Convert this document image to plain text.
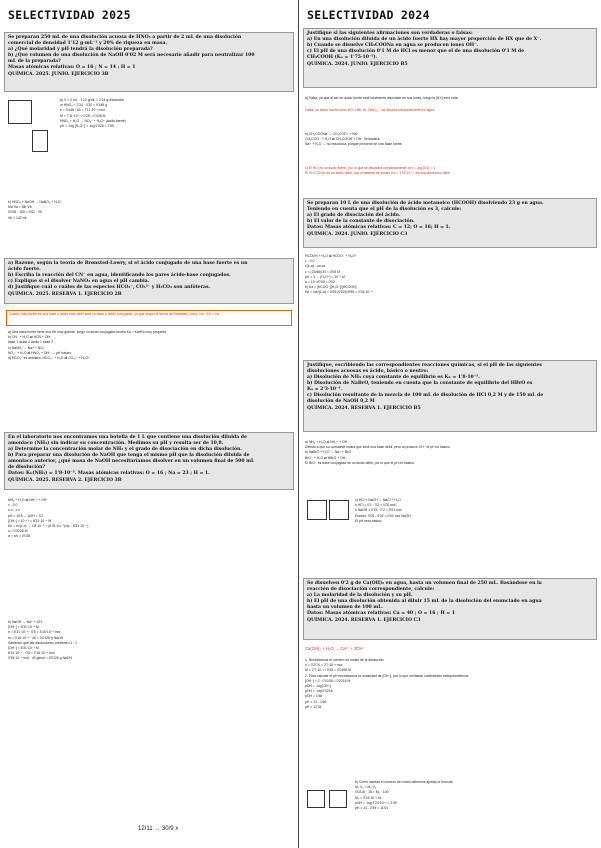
SELECTIVIDAD 2025
Se preparan 250 mL de una disolución acuosa de HNO₃ a partir de 2 mL de una disolución
comercial de densidad 1'12 g·mL⁻¹ y 20% de riqueza en masa.
a) ¿Qué molaridad y pH tendrá la disolución preparada?
b) ¿Qué volumen de una disolución de NaOH 0'02 M será necesario añadir para neutralizar 100
mL de la preparada?
Masas atómicas relativas: O = 16 ; N = 14 ; H = 1
QUÍMICA. 2025. JUNIO. EJERCICIO 3B
a) V = 2 mL · 1'12 g/mL = 2'24 g disolución
m HNO₃ = 2'24 · 0'20 = 0'448 g
n = 0'448 / 63 = 7'11·10⁻³ mol
M = 7'11·10⁻³ / 0'25 = 0'028 M
HNO₃ + H₂O → NO₃⁻ + H₃O⁺ (ácido fuerte)
pH = -log [H₃O⁺] = -log 0'028 = 1'55
b) HNO₃ + NaOH → NaNO₃ + H₂O
Ma·Va = Mb·Vb
0'028 · 100 = 0'02 · Vb
Vb = 142 mL
a) Razone, según la teoría de Brønsted-Lowry, si el ácido conjugado de una base fuerte es un
ácido fuerte.
b) Escriba la reacción del CN⁻ en agua, identificando los pares ácido-base conjugados.
c) Explique si el disolver NaNO₂ en agua el pH cambia.
d) Justifique cuál o cuáles de las especies HCO₃⁻, CO₃²⁻ y H₂CO₃ son anfóteras.
QUÍMICA. 2025. RESERVA 1. EJERCICIO 2B
Cuanto más fuerte es una base o ácido más débil será su base o ácido conjugado, ya que según la teoría de Brønsted-Lowry: Ka · Kb = Kw
a) Una base fuerte tiene una Kb muy grande, luego su ácido conjugado tendrá Ka = Kw/Kb muy pequeña.
b) CN⁻ + H₂O ⇌ HCN + OH⁻
base 1 ácido 2 ácido 1 base 2
c) NaNO₂ → Na⁺ + NO₂⁻
NO₂⁻ + H₂O ⇌ HNO₂ + OH⁻ → pH básico
d) HCO₃⁻ es anfótera: HCO₃⁻ + H₂O ⇌ CO₃²⁻ + H₃O⁺
En el laboratorio nos encontramos una botella de 1 L que contiene una disolución diluida de
amoniaco (NH₃) sin indicar su concentración. Medimos su pH y resulta ser de 10,8.
a) Determine la concentración molar de NH₃ y el grado de disociación en dicha disolución.
b) Para preparar una disolución de NaOH que tenga el mismo pH que la disolución diluida de
amoniaco anterior, ¿qué masa de NaOH necesitaríamos disolver en un volumen final de 500 mL
de disolución?
Datos: Kₖ(NH₃) = 1'8·10⁻⁵. Masas atómicas relativas: O = 16 ; Na = 23 ; H = 1.
QUÍMICA. 2025. RESERVA 2. EJERCICIO 3B
NH₃ + H₂O ⇌ NH₄⁺ + OH⁻
c - 0 0
c-x - x x
pH = 10'8 → pOH = 3'2
[OH⁻] = 10⁻³'² = 6'31·10⁻⁴ M
Kb = x²/(c-x) → 1'8·10⁻⁵ = (6'31·10⁻⁴)²/(c - 6'31·10⁻⁴)
c = 0'0228 M
α = x/c = 0'028
b) NaOH → Na⁺ + OH⁻
[OH⁻] = 6'31·10⁻⁴ M
n = 6'31·10⁻⁴ · 0'5 = 3'16·10⁻⁴ mol
m = 3'16·10⁻⁴ · 40 = 0'0126 g NaOH
Sabiendo que las disoluciones contienen 1 : 1
[OH⁻] = 6'31·10⁻⁴ M
6'31·10⁻⁴ · 0'5 = 3'16·10⁻⁴ mol
3'16·10⁻⁴ mol · 40 g/mol = 0'0126 g NaOH
12/11 → 30/9 x
SELECTIVIDAD 2024
Justifique si las siguientes afirmaciones son verdaderas o falsas:
a) En una disolución diluida de un ácido fuerte HX hay mayor proporción de HX que de X⁻.
b) Cuando se disuelve CH₃COONa en agua se producen iones OH⁻.
c) El pH de una disolución 0'1 M de HCl es menor que el de una disolución 0'1 M de
CH₃COOH (Kₐ = 1'75·10⁻⁵).
QUÍMICA. 2024. JUNIO. EJERCICIO B5
a) Falsa, ya que al ser un ácido fuerte está totalmente disociado en sus iones, luego la [HX] será nula.
Falsa, un ácido fuerte como HCl, HBr, HI, HNO₃ ... se disocia completamente en agua.
b) CH₃COONa → CH₃COO⁻ + Na⁺
CH₃COO⁻ + H₂O ⇌ CH₃COOH + OH⁻ Verdadera
Na⁺ + H₂O → no reacciona, porque proviene de una base fuerte.
c) El HCl es un ácido fuerte, por lo que se disociará completamente: pH = -log [0'1] = 1
El CH₃COOH es un ácido débil, con constante de acidez Ka = 1'75·10⁻⁵, es una disolución débil
Se preparan 10 L de una disolución de ácido metanoico (HCOOH) disolviendo 23 g en agua.
Teniendo en cuenta que el pH de la disolución es 3, calcule:
a) El grado de disociación del ácido.
b) El valor de la constante de disociación.
Datos: Masas atómicas relativas: C = 12; O = 16; H = 1.
QUIMICA. 2024. JUNIO. EJERCICIO C3
HCOOH + H₂O ⇌ HCOO⁻ + H₃O⁺
c - 0 0
c(1-α) - cα cα
c = (23/46)/10 = 0'05 M
pH = 3 → [H₃O⁺] = 10⁻³ M
α = 10⁻³/0'05 = 0'02
b) Ka = [HCOO⁻][H₃O⁺]/[HCOOH]
Ka = cα²/(1-α) = 0'05·(0'02)²/0'98 = 2'04·10⁻⁵
Justifique, escribiendo las correspondientes reacciones químicas, si el pH de las siguientes
disoluciones acuosas es ácido, básico o neutro:
a) Disolución de NH₃ cuya constante de equilibrio es Kₖ = 1'8·10⁻⁵.
b) Disolución de NaBrO, teniendo en cuenta que la constante de equilibrio del HBrO es
Kₐ = 2'3·10⁻⁹.
c) Disolución resultante de la mezcla de 100 mL de disolución de HCl 0,2 M y de 150 mL de
disolución de NaOH 0,2 M
QUÍMICA. 2024. RESERVA 1. EJERCICIO B5
a) NH₃ + H₂O ⇌ NH₄⁺ + OH⁻
Debido a que su constante indica que será una base débil, pero al producir OH⁻ el pH es básico.
b) NaBrO + H₂O → Na⁺ + BrO⁻
BrO⁻ + H₂O ⇌ HBrO + OH⁻
El BrO⁻ es base conjugada de un ácido débil, por lo que el pH es básico.
c) HCl + NaOH → NaCl + H₂O
n HCl = 0'1 · 0'2 = 0'02 mol
n NaOH = 0'15 · 0'2 = 0'03 mol
Exceso: 0'03 - 0'02 = 0'01 mol NaOH
El pH será básico.
Se disuelven 0'2 g de Ca(OH)₂ en agua, hasta un volumen final de 250 mL. Basándose en la
reacción de disociación correspondiente, calcule:
a) La molaridad de la disolución y su pH.
b) El pH de una disolución obtenida al diluir 15 mL de la disolución del enunciado en agua
hasta un volumen de 100 mL.
Datos: Masas atómicas relativas: Ca = 40 ; O = 16 ; H = 1
QUÍMICA. 2024. RESERVA 1. EJERCICIO C3
Ca(OH)₂ + H₂O → Ca²⁺ + 2OH⁻
1. Necesitamos el número de moles de la disolución:
n = 0'2/74 = 2'7·10⁻³ mol
M = 2'7·10⁻³ / 0'25 = 0'0108 M
2. Para calcular el pH necesitamos la molaridad de [OH⁻], por lo que mediante coeficientes estequiométricos
[OH⁻] = 2 · 0'0108 = 0'0216 M
pOH = -log [OH⁻]
pOH = -log 0'0216
pOH = 1'66
pH = 14 - 1'66
pH = 12'34
b) Como cambia el número de moles debemos ajustar la fórmula:
M₁·V₁ = M₂·V₂
0'0216 · 15 = M₂ · 100
M₂ = 3'24·10⁻³ M
pOH = -log 3'24·10⁻³ = 2'49
pH = 14 - 2'49 = 11'51
